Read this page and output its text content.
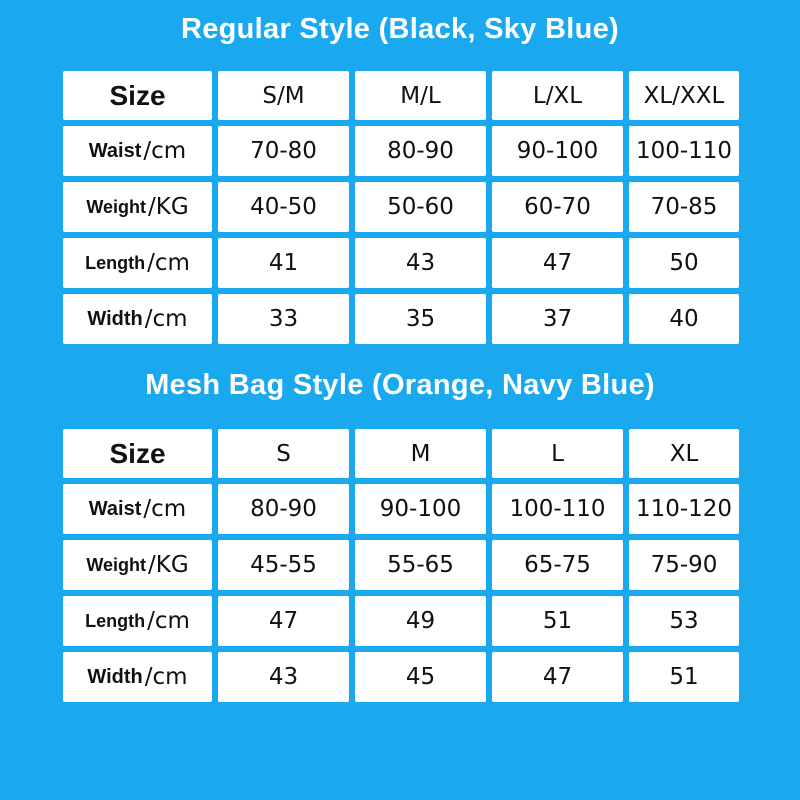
Regular Style (Black, Sky Blue)
Size	S/M	M/L	L/XL	XL/XXL
Waist /cm	70-80	80-90	90-100	100-110
Weight /KG	40-50	50-60	60-70	70-85
Length /cm	41	43	47	50
Width /cm	33	35	37	40
Mesh Bag Style (Orange, Navy Blue)
Size	S	M	L	XL
Waist /cm	80-90	90-100	100-110	110-120
Weight /KG	45-55	55-65	65-75	75-90
Length /cm	47	49	51	53
Width /cm	43	45	47	51
